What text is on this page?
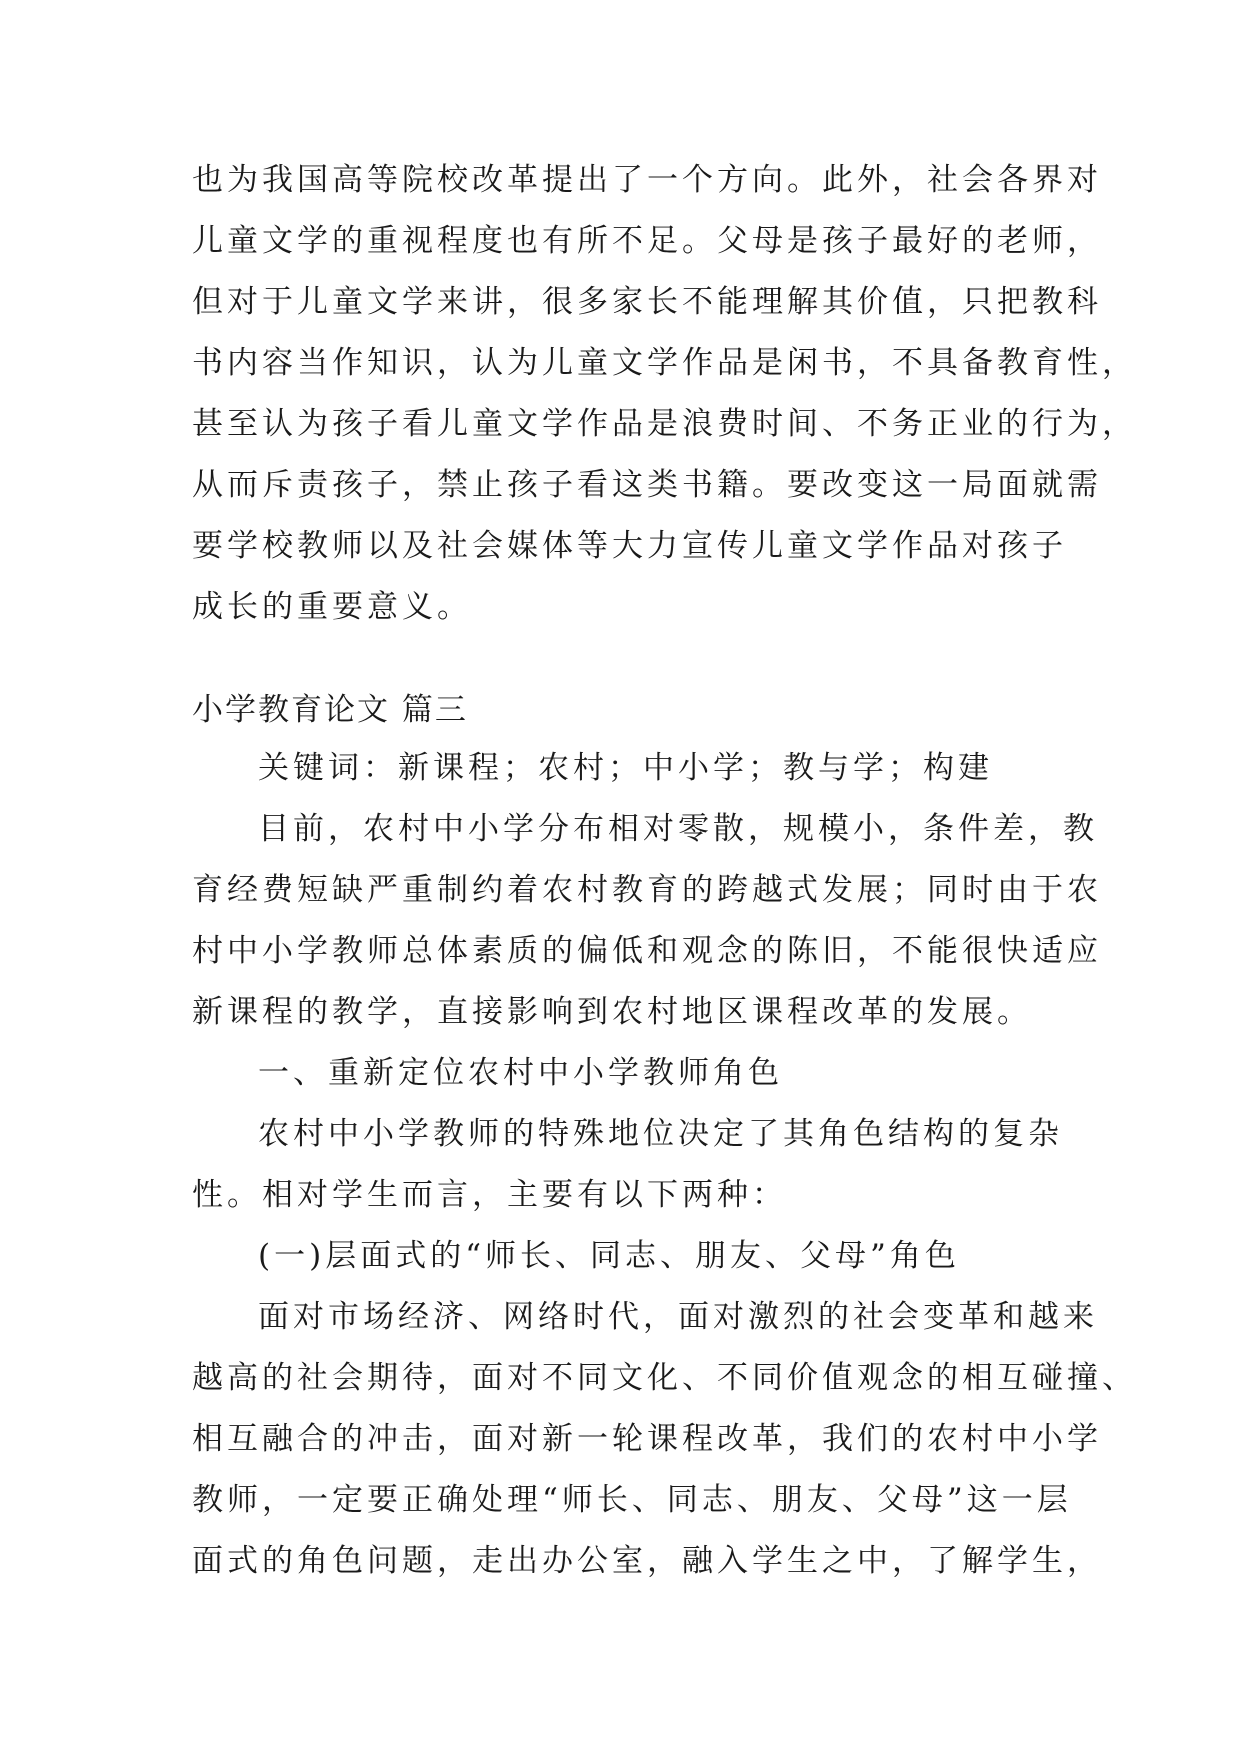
也为我国高等院校改革提出了一个方向。此外，社会各界对
儿童文学的重视程度也有所不足。父母是孩子最好的老师，
但对于儿童文学来讲，很多家长不能理解其价值，只把教科
书内容当作知识，认为儿童文学作品是闲书，不具备教育性，
甚至认为孩子看儿童文学作品是浪费时间、不务正业的行为，
从而斥责孩子，禁止孩子看这类书籍。要改变这一局面就需
要学校教师以及社会媒体等大力宣传儿童文学作品对孩子
成长的重要意义。
小学教育论文 篇三
关键词：新课程；农村；中小学；教与学；构建
目前，农村中小学分布相对零散，规模小，条件差，教
育经费短缺严重制约着农村教育的跨越式发展；同时由于农
村中小学教师总体素质的偏低和观念的陈旧，不能很快适应
新课程的教学，直接影响到农村地区课程改革的发展。
一、重新定位农村中小学教师角色
农村中小学教师的特殊地位决定了其角色结构的复杂
性。相对学生而言，主要有以下两种：
(一)层面式的“师长、同志、朋友、父母”角色
面对市场经济、网络时代，面对激烈的社会变革和越来
越高的社会期待，面对不同文化、不同价值观念的相互碰撞、
相互融合的冲击，面对新一轮课程改革，我们的农村中小学
教师，一定要正确处理“师长、同志、朋友、父母”这一层
面式的角色问题，走出办公室，融入学生之中，了解学生，
